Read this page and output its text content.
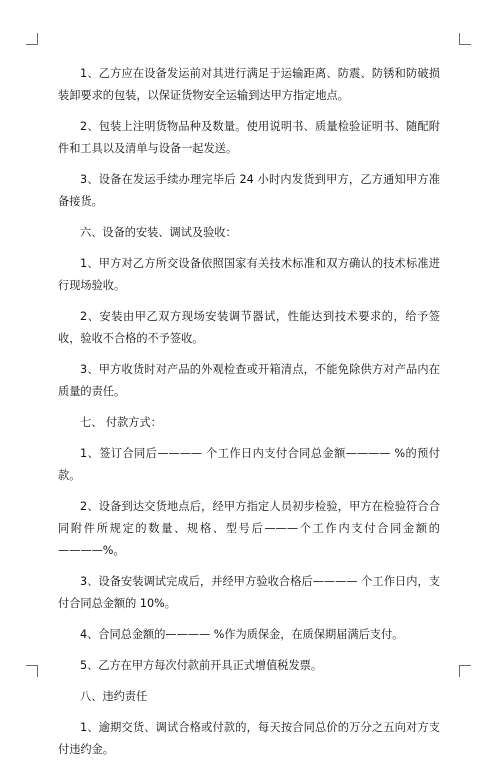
1、乙方应在设备发运前对其进行满足于运输距离、防震、防锈和防破损装卸要求的包装，以保证货物安全运输到达甲方指定地点。

2、包装上注明货物品种及数量。使用说明书、质量检验证明书、随配附件和工具以及清单与设备一起发送。

3、设备在发运手续办理完毕后 24 小时内发货到甲方，乙方通知甲方准备接货。

六、设备的安装、调试及验收：

1、甲方对乙方所交设备依照国家有关技术标准和双方确认的技术标准进行现场验收。

2、安装由甲乙双方现场安装调节器试，性能达到技术要求的，给予签收，验收不合格的不予签收。

3、甲方收货时对产品的外观检查或开箱清点，不能免除供方对产品内在质量的责任。

七、 付款方式：

1、签订合同后———— 个工作日内支付合同总金额———— %的预付款。

2、设备到达交货地点后，经甲方指定人员初步检验，甲方在检验符合合同附件所规定的数量、规格、型号后———个工作内支付合同金额的 ————%。

3、设备安装调试完成后，并经甲方验收合格后———— 个工作日内，支付合同总金额的 10%。

4、合同总金额的———— %作为质保金，在质保期届满后支付。

5、乙方在甲方每次付款前开具正式增值税发票。

八、违约责任

1、逾期交货、调试合格或付款的，每天按合同总价的万分之五向对方支付违约金。
